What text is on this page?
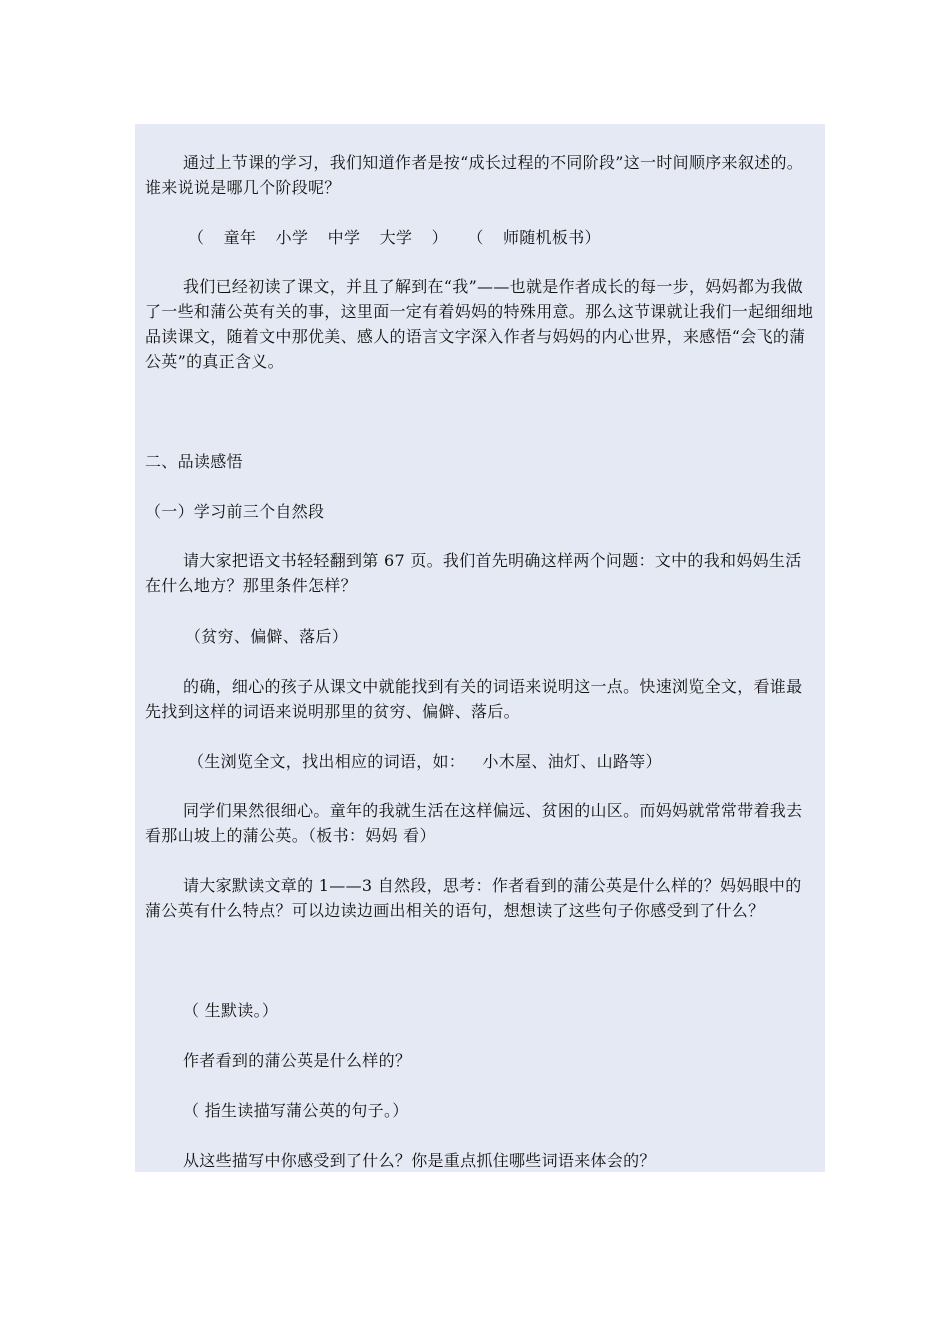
通过上节课的学习，我们知道作者是按“成长过程的不同阶段”这一时间顺序来叙述的。谁来说说是哪几个阶段呢？

（ 童年 小学 中学 大学 ） （ 师随机板书）

我们已经初读了课文，并且了解到在“我”——也就是作者成长的每一步，妈妈都为我做了一些和蒲公英有关的事，这里面一定有着妈妈的特殊用意。那么这节课就让我们一起细细地品读课文，随着文中那优美、感人的语言文字深入作者与妈妈的内心世界，来感悟“会飞的蒲公英”的真正含义。

二、品读感悟

（一）学习前三个自然段

请大家把语文书轻轻翻到第 67 页。我们首先明确这样两个问题：文中的我和妈妈生活在什么地方？那里条件怎样？

（贫穷、偏僻、落后）

的确，细心的孩子从课文中就能找到有关的词语来说明这一点。快速浏览全文，看谁最先找到这样的词语来说明那里的贫穷、偏僻、落后。

（生浏览全文，找出相应的词语，如： 小木屋、油灯、山路等）

同学们果然很细心。童年的我就生活在这样偏远、贫困的山区。而妈妈就常常带着我去看那山坡上的蒲公英。（板书：妈妈 看）

请大家默读文章的 1——3 自然段，思考：作者看到的蒲公英是什么样的？妈妈眼中的蒲公英有什么特点？可以边读边画出相关的语句，想想读了这些句子你感受到了什么？

（ 生默读。）

作者看到的蒲公英是什么样的？

（ 指生读描写蒲公英的句子。）

从这些描写中你感受到了什么？你是重点抓住哪些词语来体会的？
